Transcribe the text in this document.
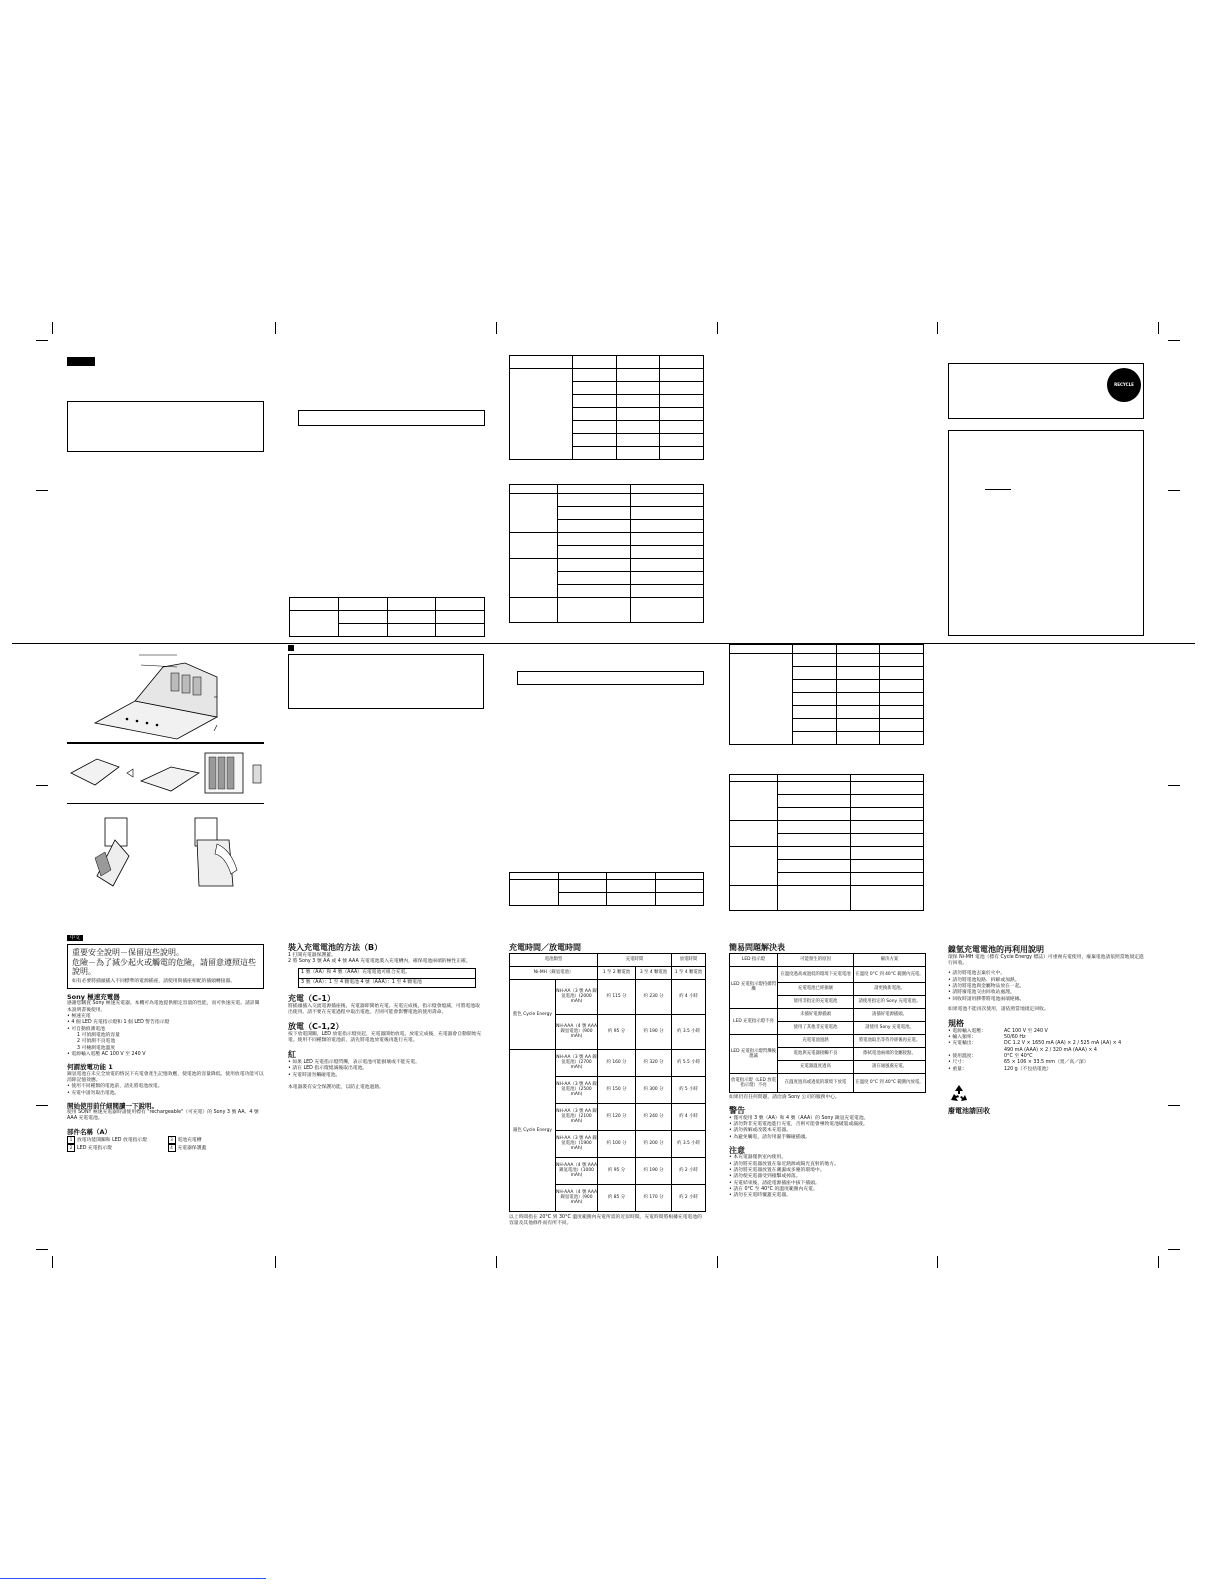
RECYCLE

中文
重要安全說明－保留這些說明。
危險－為了減少起火或觸電的危險，請留意遵照這些說明。
如有必要將插頭插入不同標準的電源插座，請使用與插座相配的插頭轉接器。
Sony 極速充電器
感謝您購買 Sony 極速充電器。本機可為電池提供額定容量的性能，而可快速充電。請詳閱本說明書後使用。
• 極速充電
• 4 個 LED 充電指示燈和 1 個 LED 警告指示燈
• 可自動偵測電池
1 可偵測電池的容量
2 可偵測不良電池
3 可檢測電池溫度
• 電源輸入電壓 AC 100 V 至 240 V
何謂放電功能 1
鎳氫電池在未完全放電的情況下充電會產生記憶效應，使電池的容量降低。使用放電功能可以消除記憶效應。
• 使用不同種類的電池前，請先將電池放電。
• 充電中請勿取出電池。
開始使用前仔細閱讀一下說明。
使用 SONY 極速充電器時請使用標有 "rechargeable"（可充電）的 Sony 3 號 AA、4 號 AAA 充電電池。
部件名稱（A）
1 放電功能開關和 LED 放電指示燈	3 電池充電槽
2 LED 充電指示燈	4 充電器保護蓋
裝入充電電池的方法（B）
1 打開充電器保護蓋。
2 將 Sony 3 號 AA 或 4 號 AAA 充電電池裝入充電槽內，確保電池兩端的極性正確。
1 號（AA）和 4 號（AAA）充電電池可組合充電。
3 號（AA）：1 至 4 顆電池 4 號（AAA）：1 至 4 顆電池
充電（C-1）
將插頭插入交流電源插座後，充電器即開始充電。充電完成後，指示燈會熄滅，可將電池取出使用。請不要在充電過程中取出電池，否則可能會影響電池的使用壽命。
放電（C-1,2）
按下放電開關，LED 放電指示燈亮起，充電器開始放電。放電完成後，充電器會自動開始充電。使用不同種類的電池前，請先將電池放電後再進行充電。
紅
• 如果 LED 充電指示燈閃爍，表示電池可能損壞或不能充電。
• 請在 LED 指示燈熄滅後取出電池。
• 充電時請勿觸碰電池。
本電器裝有安全保護功能，以防止電池過熱。
充電時間／放電時間
電池類型		充電時間		放電時間
Ni-MH（鎳氫電池）		1 至 2 顆電池	3 至 4 顆電池	1 至 4 顆電池
藍色 Cycle Energy	NH-AA（3 號 AA 鎳氫電池）(2000 mAh)	約 115 分	約 230 分	約 4 小時
	NH-AAA（4 號 AAA 鎳氫電池）(900 mAh)	約 95 分	約 190 分	約 3.5 小時
銀色 Cycle Energy	NH-AA（3 號 AA 鎳氫電池）(2700 mAh)	約 160 分	約 320 分	約 5.5 小時
	NH-AA（3 號 AA 鎳氫電池）(2500 mAh)	約 150 分	約 300 分	約 5 小時
	NH-AA（3 號 AA 鎳氫電池）(2100 mAh)	約 120 分	約 240 分	約 4 小時
	NH-AA（3 號 AA 鎳氫電池）(1900 mAh)	約 100 分	約 200 分	約 3.5 小時
	NH-AAA（4 號 AAA 鎳氫電池）(1000 mAh)	約 95 分	約 190 分	約 2 小時
	NH-AAA（4 號 AAA 鎳氫電池）(900 mAh)	約 85 分	約 170 分	約 2 小時
以上時間指在 20°C 到 30°C 溫度範圍內充電所需的近似時間。充電時間將根據充電電池的容量及其他條件而有所不同。
簡易問題解決表
LED 指示燈	可能發生的原因	解決方案
LED 充電指示燈持續閃爍	在溫度過高或過低的環境下充電電池	在溫度 0°C 到 40°C 範圍內充電。
	充電電池已經損壞	請更換新電池。
	使用非指定的充電電池	請使用指定的 Sony 充電電池。
LED 充電指示燈不亮	未插好電源插頭	請插好電源插頭。
	使用了其他非充電電池	請使用 Sony 充電電池。
LED 充電指示燈閃爍後熄滅	充電電池過熱	將電池取出等待冷卻後再充電。
	電池與充電器接觸不良	擦拭電池兩端的金屬接點。
	充電器溫度過高	請在通風處充電。
放電指示燈（LED 放電指示燈）不亮	在溫度過高或過低的環境下放電	在溫度 0°C 到 40°C 範圍內放電。
如果仍有任何問題，請洽詢 Sony 公司的服務中心。
警告
• 僅可使用 3 號（AA）和 4 號（AAA）的 Sony 鎳氫充電電池。
• 請勿對非充電電池進行充電，否則可能會導致電池破裂或漏液。
• 請勿拆解或改裝本充電器。
• 為避免觸電，請勿用濕手觸碰插頭。
注意
• 本充電器僅供室內使用。
• 請勿將充電器放置在靠近熱源或陽光直射的地方。
• 請勿將充電器放置在潮濕或多塵的環境中。
• 請勿使充電器受到撞擊或掉落。
• 充電結束後，請從電源插座中拔下插頭。
• 請在 0°C 至 40°C 的溫度範圍內充電。
• 請勿在充電時覆蓋充電器。
鎳氫充電電池的再利用說明
環保 Ni-MH 電池（標有 Cycle Energy 標誌）可重複充電使用，廢棄電池請依照當地規定進行回收。
• 請勿將電池丟棄於火中。
• 請勿將電池短路、拆解或加熱。
• 請勿將電池與金屬物品放在一起。
• 請將廢電池交由回收站處理。
• 回收時請用膠帶將電池兩端絕緣。
如果電池不能再次使用，請依照當地規定回收。
規格
• 電源輸入電壓：	AC 100 V 至 240 V
• 輸入頻率：	50/60 Hz
• 充電輸出：	DC 1.2 V × 1650 mA (AA) × 2 / 525 mA (AA) × 4
490 mA (AAA) × 2 / 320 mA (AAA) × 4
• 使用溫度：	0°C 至 40°C
• 尺寸：	65 × 106 × 33.5 mm（寬／高／深）
• 重量：	120 g（不包括電池）
廢電池請回收
